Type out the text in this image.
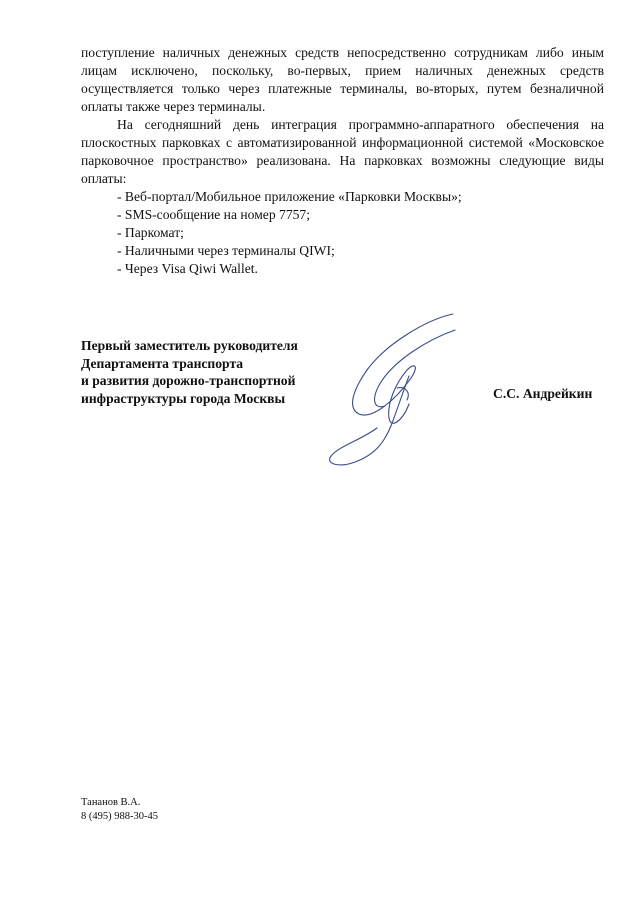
поступление наличных денежных средств непосредственно сотрудникам либо иным лицам исключено, поскольку, во-первых, прием наличных денежных средств осуществляется только через платежные терминалы, во-вторых, путем безналичной оплаты также через терминалы.

На сегодняшний день интеграция программно-аппаратного обеспечения на плоскостных парковках с автоматизированной информационной системой «Московское парковочное пространство» реализована. На парковках возможны следующие виды оплаты:

- Веб-портал/Мобильное приложение «Парковки Москвы»;
- SMS-сообщение на номер 7757;
- Паркомат;
- Наличными через терминалы QIWI;
- Через Visa Qiwi Wallet.
Первый заместитель руководителя
Департамента транспорта
и развития дорожно-транспортной
инфраструктуры города Москвы	С.С. Андрейкин
Тананов В.А.
8 (495) 988-30-45
